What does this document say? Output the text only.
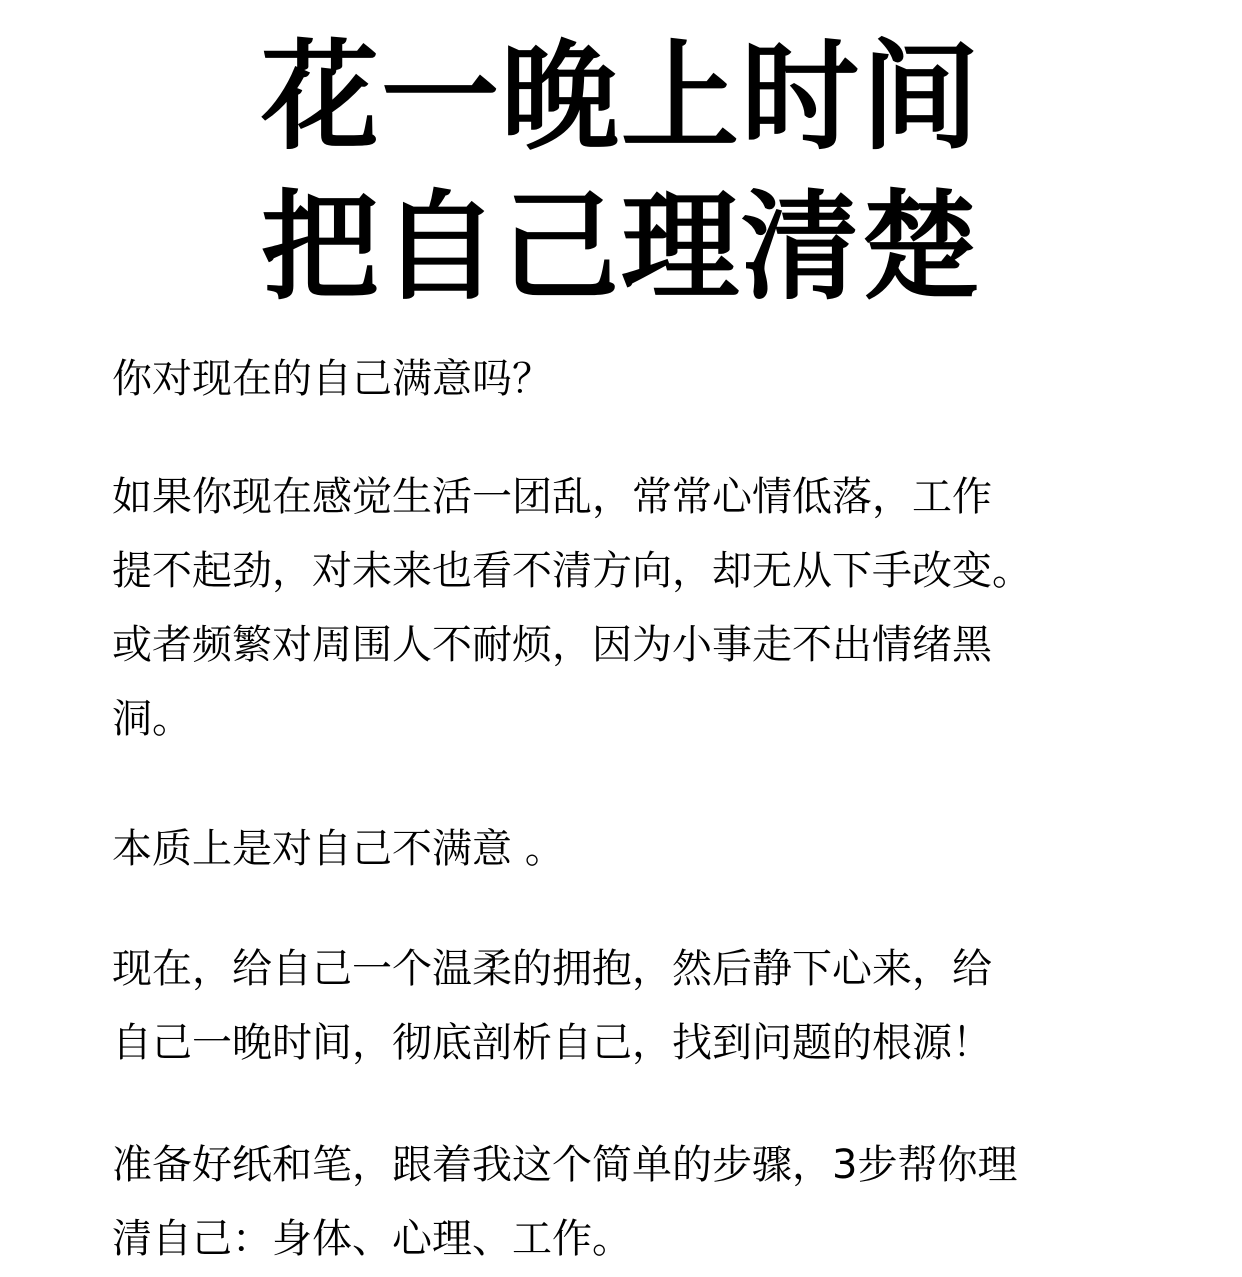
花一晚上时间
把自己理清楚

你对现在的自己满意吗？

如果你现在感觉生活一团乱，常常心情低落，工作
提不起劲，对未来也看不清方向，却无从下手改变。
或者频繁对周围人不耐烦，因为小事走不出情绪黑
洞。

本质上是对自己不满意 。

现在，给自己一个温柔的拥抱，然后静下心来，给
自己一晚时间，彻底剖析自己，找到问题的根源！

准备好纸和笔，跟着我这个简单的步骤，3步帮你理
清自己：身体、心理、工作。
